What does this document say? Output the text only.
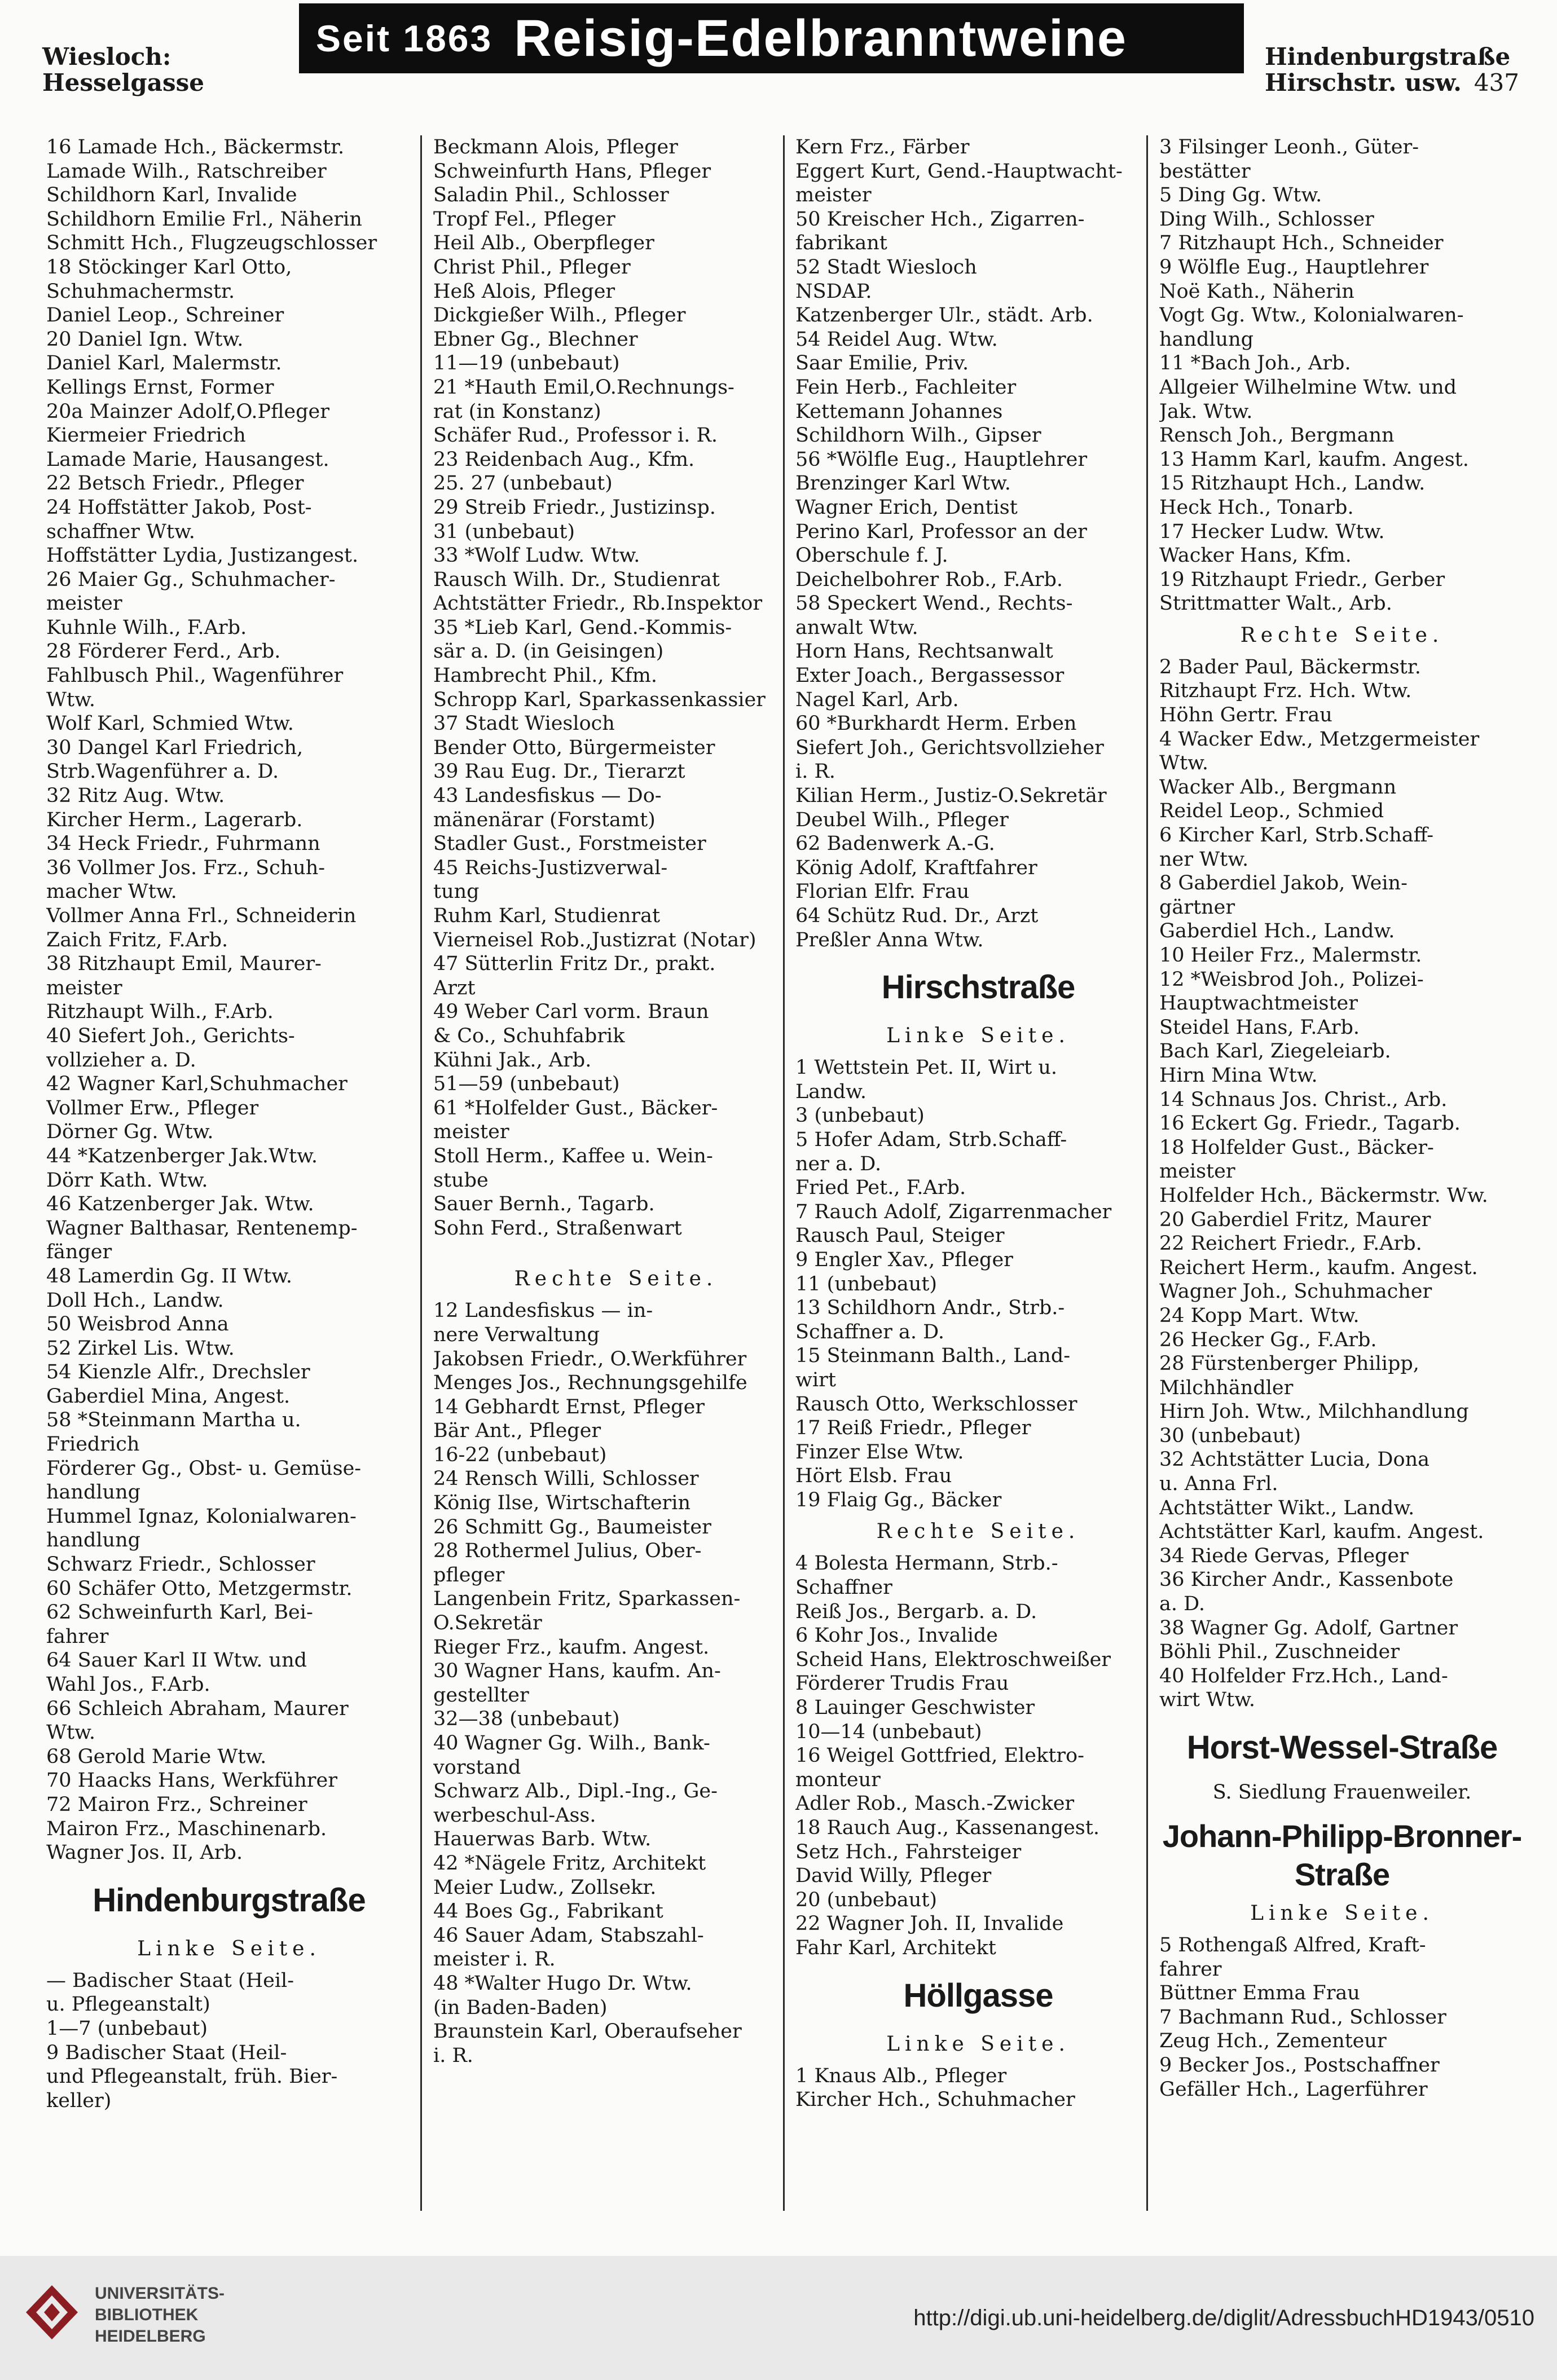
Wiesloch:
Hesselgasse
Seit 1863 Reisig-Edelbranntweine	Hindenburgstraße
Hirschstr. usw. 437
16 Lamade Hch., Bäckermstr.
Lamade Wilh., Ratschreiber
Schildhorn Karl, Invalide
Schildhorn Emilie Frl., Näherin
Schmitt Hch., Flugzeugschlosser
18 Stöckinger Karl Otto,
Schuhmachermstr.
Daniel Leop., Schreiner
20 Daniel Ign. Wtw.
Daniel Karl, Malermstr.
Kellings Ernst, Former
20a Mainzer Adolf,O.Pfleger
Kiermeier Friedrich
Lamade Marie, Hausangest.
22 Betsch Friedr., Pfleger
24 Hoffstätter Jakob, Post-
schaffner Wtw.
Hoffstätter Lydia, Justizangest.
26 Maier Gg., Schuhmacher-
meister
Kuhnle Wilh., F.Arb.
28 Förderer Ferd., Arb.
Fahlbusch Phil., Wagenführer
Wtw.
Wolf Karl, Schmied Wtw.
30 Dangel Karl Friedrich,
Strb.Wagenführer a. D.
32 Ritz Aug. Wtw.
Kircher Herm., Lagerarb.
34 Heck Friedr., Fuhrmann
36 Vollmer Jos. Frz., Schuh-
macher Wtw.
Vollmer Anna Frl., Schneiderin
Zaich Fritz, F.Arb.
38 Ritzhaupt Emil, Maurer-
meister
Ritzhaupt Wilh., F.Arb.
40 Siefert Joh., Gerichts-
vollzieher a. D.
42 Wagner Karl,Schuhmacher
Vollmer Erw., Pfleger
Dörner Gg. Wtw.
44 *Katzenberger Jak.Wtw.
Dörr Kath. Wtw.
46 Katzenberger Jak. Wtw.
Wagner Balthasar, Rentenemp-
fänger
48 Lamerdin Gg. II Wtw.
Doll Hch., Landw.
50 Weisbrod Anna
52 Zirkel Lis. Wtw.
54 Kienzle Alfr., Drechsler
Gaberdiel Mina, Angest.
58 *Steinmann Martha u.
Friedrich
Förderer Gg., Obst- u. Gemüse-
handlung
Hummel Ignaz, Kolonialwaren-
handlung
Schwarz Friedr., Schlosser
60 Schäfer Otto, Metzgermstr.
62 Schweinfurth Karl, Bei-
fahrer
64 Sauer Karl II Wtw. und
Wahl Jos., F.Arb.
66 Schleich Abraham, Maurer
Wtw.
68 Gerold Marie Wtw.
70 Haacks Hans, Werkführer
72 Mairon Frz., Schreiner
Mairon Frz., Maschinenarb.
Wagner Jos. II, Arb.
Hindenburgstraße
Linke Seite.
— Badischer Staat (Heil-
u. Pflegeanstalt)
1—7 (unbebaut)
9 Badischer Staat (Heil-
und Pflegeanstalt, früh. Bier-
keller)
Beckmann Alois, Pfleger
Schweinfurth Hans, Pfleger
Saladin Phil., Schlosser
Tropf Fel., Pfleger
Heil Alb., Oberpfleger
Christ Phil., Pfleger
Heß Alois, Pfleger
Dickgießer Wilh., Pfleger
Ebner Gg., Blechner
11—19 (unbebaut)
21 *Hauth Emil,O.Rechnungs-
rat (in Konstanz)
Schäfer Rud., Professor i. R.
23 Reidenbach Aug., Kfm.
25. 27 (unbebaut)
29 Streib Friedr., Justizinsp.
31 (unbebaut)
33 *Wolf Ludw. Wtw.
Rausch Wilh. Dr., Studienrat
Achtstätter Friedr., Rb.Inspektor
35 *Lieb Karl, Gend.-Kommis-
sär a. D. (in Geisingen)
Hambrecht Phil., Kfm.
Schropp Karl, Sparkassenkassier
37 Stadt Wiesloch
Bender Otto, Bürgermeister
39 Rau Eug. Dr., Tierarzt
43 Landesfiskus — Do-
mänenärar (Forstamt)
Stadler Gust., Forstmeister
45 Reichs-Justizverwal-
tung
Ruhm Karl, Studienrat
Vierneisel Rob.,Justizrat (Notar)
47 Sütterlin Fritz Dr., prakt.
Arzt
49 Weber Carl vorm. Braun
& Co., Schuhfabrik
Kühni Jak., Arb.
51—59 (unbebaut)
61 *Holfelder Gust., Bäcker-
meister
Stoll Herm., Kaffee u. Wein-
stube
Sauer Bernh., Tagarb.
Sohn Ferd., Straßenwart
Rechte Seite.
12 Landesfiskus — in-
nere Verwaltung
Jakobsen Friedr., O.Werkführer
Menges Jos., Rechnungsgehilfe
14 Gebhardt Ernst, Pfleger
Bär Ant., Pfleger
16-22 (unbebaut)
24 Rensch Willi, Schlosser
König Ilse, Wirtschafterin
26 Schmitt Gg., Baumeister
28 Rothermel Julius, Ober-
pfleger
Langenbein Fritz, Sparkassen-
O.Sekretär
Rieger Frz., kaufm. Angest.
30 Wagner Hans, kaufm. An-
gestellter
32—38 (unbebaut)
40 Wagner Gg. Wilh., Bank-
vorstand
Schwarz Alb., Dipl.-Ing., Ge-
werbeschul-Ass.
Hauerwas Barb. Wtw.
42 *Nägele Fritz, Architekt
Meier Ludw., Zollsekr.
44 Boes Gg., Fabrikant
46 Sauer Adam, Stabszahl-
meister i. R.
48 *Walter Hugo Dr. Wtw.
(in Baden-Baden)
Braunstein Karl, Oberaufseher
i. R.
Kern Frz., Färber
Eggert Kurt, Gend.-Hauptwacht-
meister
50 Kreischer Hch., Zigarren-
fabrikant
52 Stadt Wiesloch
NSDAP.
Katzenberger Ulr., städt. Arb.
54 Reidel Aug. Wtw.
Saar Emilie, Priv.
Fein Herb., Fachleiter
Kettemann Johannes
Schildhorn Wilh., Gipser
56 *Wölfle Eug., Hauptlehrer
Brenzinger Karl Wtw.
Wagner Erich, Dentist
Perino Karl, Professor an der
Oberschule f. J.
Deichelbohrer Rob., F.Arb.
58 Speckert Wend., Rechts-
anwalt Wtw.
Horn Hans, Rechtsanwalt
Exter Joach., Bergassessor
Nagel Karl, Arb.
60 *Burkhardt Herm. Erben
Siefert Joh., Gerichtsvollzieher
i. R.
Kilian Herm., Justiz-O.Sekretär
Deubel Wilh., Pfleger
62 Badenwerk A.-G.
König Adolf, Kraftfahrer
Florian Elfr. Frau
64 Schütz Rud. Dr., Arzt
Preßler Anna Wtw.
Hirschstraße
Linke Seite.
1 Wettstein Pet. II, Wirt u.
Landw.
3 (unbebaut)
5 Hofer Adam, Strb.Schaff-
ner a. D.
Fried Pet., F.Arb.
7 Rauch Adolf, Zigarrenmacher
Rausch Paul, Steiger
9 Engler Xav., Pfleger
11 (unbebaut)
13 Schildhorn Andr., Strb.-
Schaffner a. D.
15 Steinmann Balth., Land-
wirt
Rausch Otto, Werkschlosser
17 Reiß Friedr., Pfleger
Finzer Else Wtw.
Hört Elsb. Frau
19 Flaig Gg., Bäcker
Rechte Seite.
4 Bolesta Hermann, Strb.-
Schaffner
Reiß Jos., Bergarb. a. D.
6 Kohr Jos., Invalide
Scheid Hans, Elektroschweißer
Förderer Trudis Frau
8 Lauinger Geschwister
10—14 (unbebaut)
16 Weigel Gottfried, Elektro-
monteur
Adler Rob., Masch.-Zwicker
18 Rauch Aug., Kassenangest.
Setz Hch., Fahrsteiger
David Willy, Pfleger
20 (unbebaut)
22 Wagner Joh. II, Invalide
Fahr Karl, Architekt
Höllgasse
Linke Seite.
1 Knaus Alb., Pfleger
Kircher Hch., Schuhmacher
3 Filsinger Leonh., Güter-
bestätter
5 Ding Gg. Wtw.
Ding Wilh., Schlosser
7 Ritzhaupt Hch., Schneider
9 Wölfle Eug., Hauptlehrer
Noë Kath., Näherin
Vogt Gg. Wtw., Kolonialwaren-
handlung
11 *Bach Joh., Arb.
Allgeier Wilhelmine Wtw. und
Jak. Wtw.
Rensch Joh., Bergmann
13 Hamm Karl, kaufm. Angest.
15 Ritzhaupt Hch., Landw.
Heck Hch., Tonarb.
17 Hecker Ludw. Wtw.
Wacker Hans, Kfm.
19 Ritzhaupt Friedr., Gerber
Strittmatter Walt., Arb.
Rechte Seite.
2 Bader Paul, Bäckermstr.
Ritzhaupt Frz. Hch. Wtw.
Höhn Gertr. Frau
4 Wacker Edw., Metzgermeister
Wtw.
Wacker Alb., Bergmann
Reidel Leop., Schmied
6 Kircher Karl, Strb.Schaff-
ner Wtw.
8 Gaberdiel Jakob, Wein-
gärtner
Gaberdiel Hch., Landw.
10 Heiler Frz., Malermstr.
12 *Weisbrod Joh., Polizei-
Hauptwachtmeister
Steidel Hans, F.Arb.
Bach Karl, Ziegeleiarb.
Hirn Mina Wtw.
14 Schnaus Jos. Christ., Arb.
16 Eckert Gg. Friedr., Tagarb.
18 Holfelder Gust., Bäcker-
meister
Holfelder Hch., Bäckermstr. Ww.
20 Gaberdiel Fritz, Maurer
22 Reichert Friedr., F.Arb.
Reichert Herm., kaufm. Angest.
Wagner Joh., Schuhmacher
24 Kopp Mart. Wtw.
26 Hecker Gg., F.Arb.
28 Fürstenberger Philipp,
Milchhändler
Hirn Joh. Wtw., Milchhandlung
30 (unbebaut)
32 Achtstätter Lucia, Dona
u. Anna Frl.
Achtstätter Wikt., Landw.
Achtstätter Karl, kaufm. Angest.
34 Riede Gervas, Pfleger
36 Kircher Andr., Kassenbote
a. D.
38 Wagner Gg. Adolf, Gartner
Böhli Phil., Zuschneider
40 Holfelder Frz.Hch., Land-
wirt Wtw.
Horst-Wessel-Straße
S. Siedlung Frauenweiler.
Johann-Philipp-Bronner-
Straße
Linke Seite.
5 Rothengaß Alfred, Kraft-
fahrer
Büttner Emma Frau
7 Bachmann Rud., Schlosser
Zeug Hch., Zementeur
9 Becker Jos., Postschaffner
Gefäller Hch., Lagerführer
UNIVERSITÄTS-
BIBLIOTHEK
HEIDELBERG
http://digi.ub.uni-heidelberg.de/diglit/AdressbuchHD1943/0510
